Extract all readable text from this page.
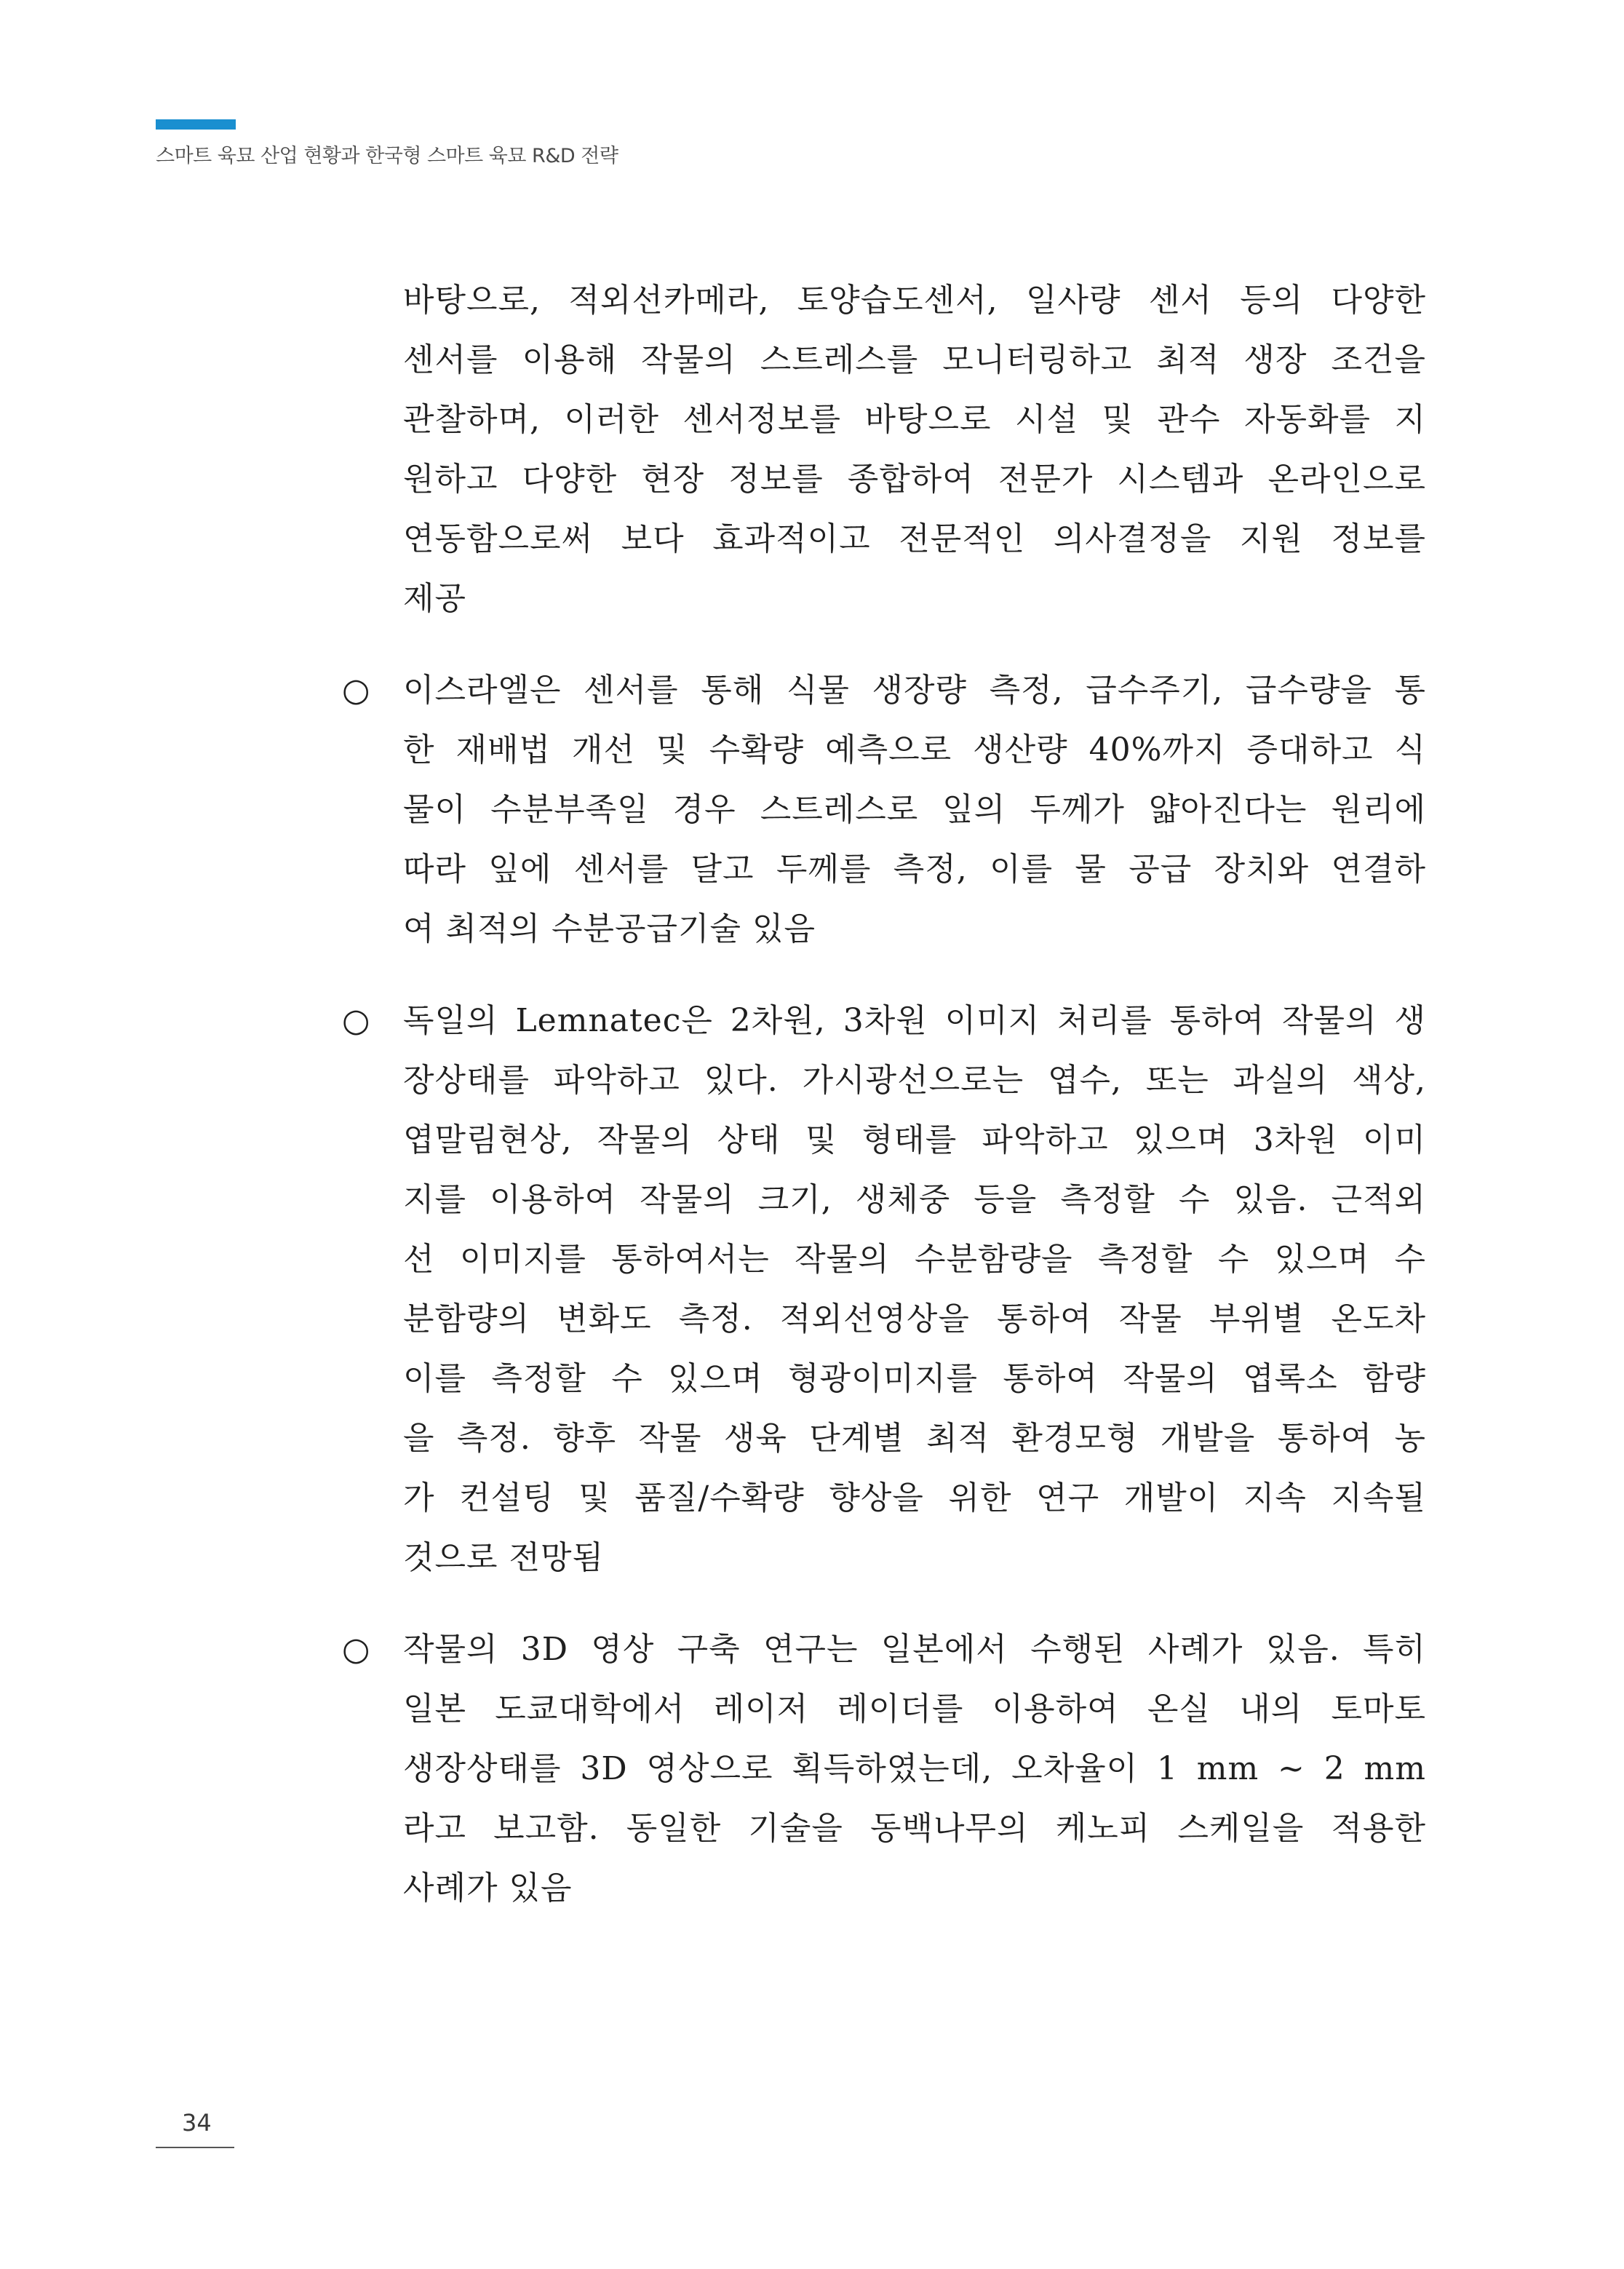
스마트 육묘 산업 현황과 한국형 스마트 육묘 R&D 전략
바탕으로, 적외선카메라, 토양습도센서, 일사량 센서 등의 다양한
센서를 이용해 작물의 스트레스를 모니터링하고 최적 생장 조건을
관찰하며, 이러한 센서정보를 바탕으로 시설 및 관수 자동화를 지
원하고 다양한 현장 정보를 종합하여 전문가 시스템과 온라인으로
연동함으로써 보다 효과적이고 전문적인 의사결정을 지원 정보를
제공
○	이스라엘은 센서를 통해 식물 생장량 측정, 급수주기, 급수량을 통
한 재배법 개선 및 수확량 예측으로 생산량 40%까지 증대하고 식
물이 수분부족일 경우 스트레스로 잎의 두께가 얇아진다는 원리에
따라 잎에 센서를 달고 두께를 측정, 이를 물 공급 장치와 연결하
여 최적의 수분공급기술 있음
○	독일의 Lemnatec은 2차원, 3차원 이미지 처리를 통하여 작물의 생
장상태를 파악하고 있다. 가시광선으로는 엽수, 또는 과실의 색상,
엽말림현상, 작물의 상태 및 형태를 파악하고 있으며 3차원 이미
지를 이용하여 작물의 크기, 생체중 등을 측정할 수 있음. 근적외
선 이미지를 통하여서는 작물의 수분함량을 측정할 수 있으며 수
분함량의 변화도 측정. 적외선영상을 통하여 작물 부위별 온도차
이를 측정할 수 있으며 형광이미지를 통하여 작물의 엽록소 함량
을 측정. 향후 작물 생육 단계별 최적 환경모형 개발을 통하여 농
가 컨설팅 및 품질/수확량 향상을 위한 연구 개발이 지속 지속될
것으로 전망됨
○	작물의 3D 영상 구축 연구는 일본에서 수행된 사례가 있음. 특히
일본 도쿄대학에서 레이저 레이더를 이용하여 온실 내의 토마토
생장상태를 3D 영상으로 획득하였는데, 오차율이 1 mm ~ 2 mm
라고 보고함. 동일한 기술을 동백나무의 케노피 스케일을 적용한
사례가 있음
34
